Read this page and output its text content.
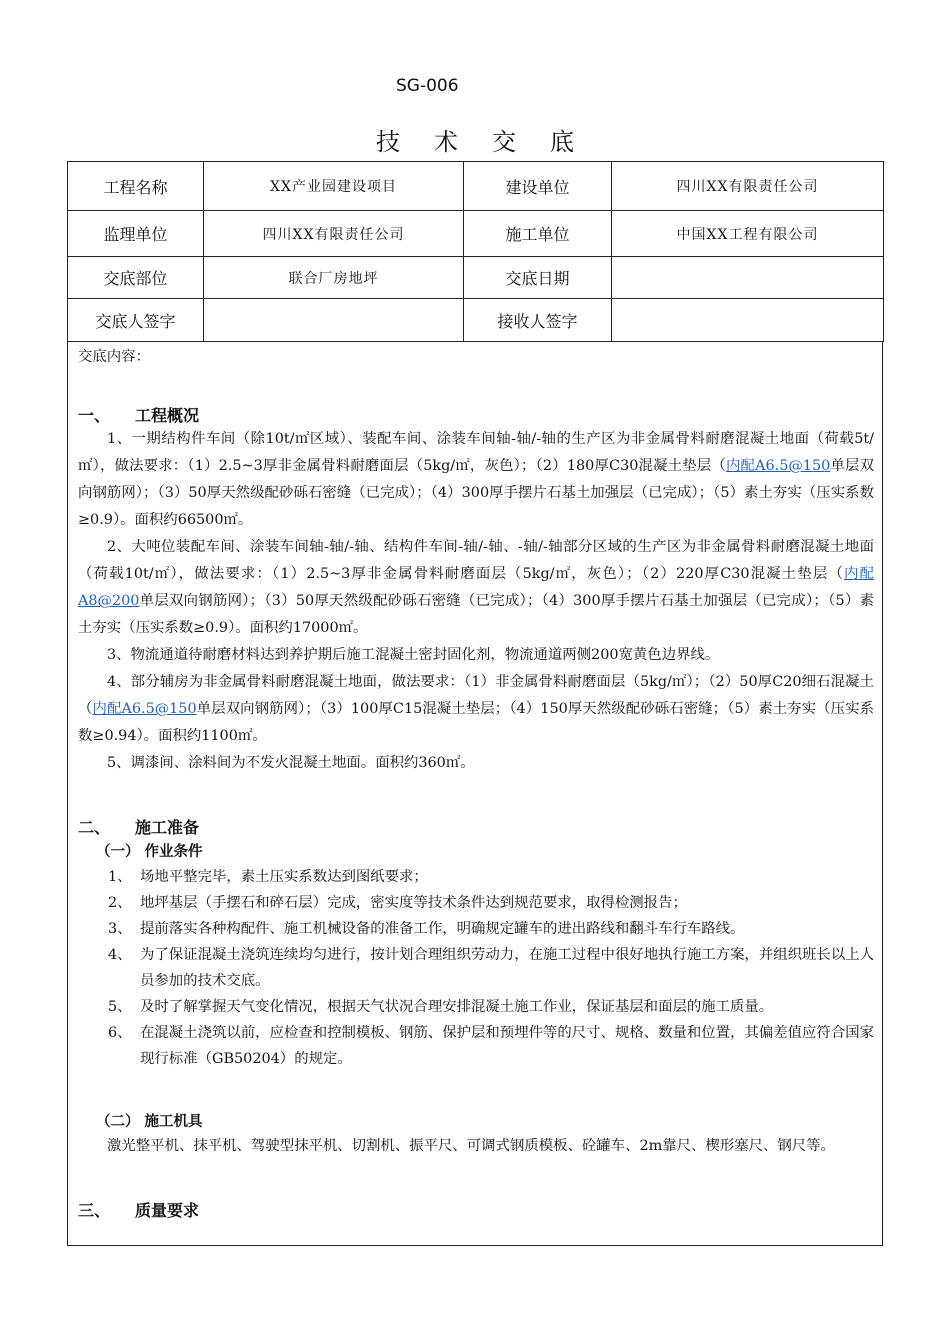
SG-006
技术交底
工程名称	XX产业园建设项目	建设单位	四川XX有限责任公司
监理单位	四川XX有限责任公司	施工单位	中国XX工程有限公司
交底部位	联合厂房地坪	交底日期	
交底人签字		接收人签字	
交底内容：
一、 工程概况

1、一期结构件车间（除10t/㎡区域）、装配车间、涂装车间轴-轴/-轴的生产区为非金属骨料耐磨混凝土地面（荷载5t/㎡），做法要求：（1）2.5~3厚非金属骨料耐磨面层（5kg/㎡，灰色）；（2）180厚C30混凝土垫层（内配A6.5@150单层双向钢筋网）；（3）50厚天然级配砂砾石密缝（已完成）；（4）300厚手摆片石基土加强层（已完成）；（5）素土夯实（压实系数≥0.9）。面积约66500㎡。

2、大吨位装配车间、涂装车间轴-轴/-轴、结构件车间-轴/-轴、-轴/-轴部分区域的生产区为非金属骨料耐磨混凝土地面（荷载10t/㎡），做法要求：（1）2.5~3厚非金属骨料耐磨面层（5kg/㎡，灰色）；（2）220厚C30混凝土垫层（内配A8@200单层双向钢筋网）；（3）50厚天然级配砂砾石密缝（已完成）；（4）300厚手摆片石基土加强层（已完成）；（5）素土夯实（压实系数≥0.9）。面积约17000㎡。

3、物流通道待耐磨材料达到养护期后施工混凝土密封固化剂，物流通道两侧200宽黄色边界线。

4、部分辅房为非金属骨料耐磨混凝土地面，做法要求：（1）非金属骨料耐磨面层（5kg/㎡）；（2）50厚C20细石混凝土（内配A6.5@150单层双向钢筋网）；（3）100厚C15混凝土垫层；（4）150厚天然级配砂砾石密缝；（5）素土夯实（压实系数≥0.94）。面积约1100㎡。

5、调漆间、涂料间为不发火混凝土地面。面积约360㎡。

二、 施工准备
（一） 作业条件
1、 场地平整完毕，素土压实系数达到图纸要求；
2、 地坪基层（手摆石和碎石层）完成，密实度等技术条件达到规范要求，取得检测报告；
3、 提前落实各种构配件、施工机械设备的准备工作，明确规定罐车的进出路线和翻斗车行车路线。
4、 为了保证混凝土浇筑连续均匀进行，按计划合理组织劳动力，在施工过程中很好地执行施工方案，并组织班长以上人员参加的技术交底。
5、 及时了解掌握天气变化情况，根据天气状况合理安排混凝土施工作业，保证基层和面层的施工质量。
6、 在混凝土浇筑以前，应检查和控制模板、钢筋、保护层和预埋件等的尺寸、规格、数量和位置，其偏差值应符合国家现行标准（GB50204）的规定。
（二） 施工机具
激光整平机、抹平机、驾驶型抹平机、切割机、振平尺、可调式钢质模板、砼罐车、2m靠尺、楔形塞尺、钢尺等。
三、 质量要求
